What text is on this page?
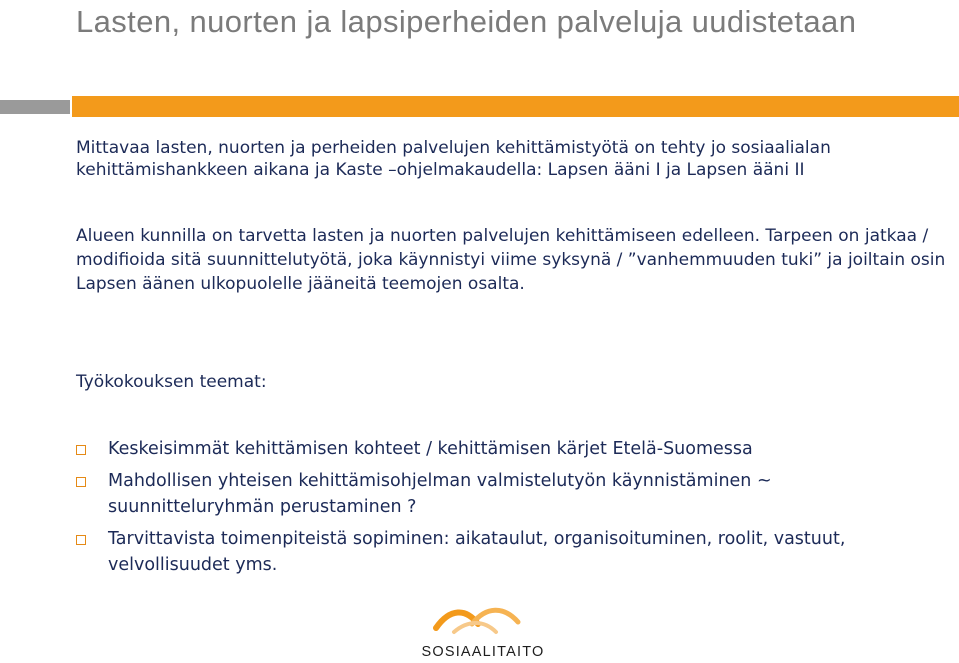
Lasten, nuorten ja lapsiperheiden palveluja uudistetaan

Mittavaa lasten, nuorten ja perheiden palvelujen kehittämistyötä on tehty jo sosiaalialan kehittämishankkeen aikana ja Kaste –ohjelmakaudella: Lapsen ääni I ja Lapsen ääni II

Alueen kunnilla on tarvetta lasten ja nuorten palvelujen kehittämiseen edelleen. Tarpeen on jatkaa / modifioida sitä suunnittelutyötä, joka käynnistyi viime syksynä / ”vanhemmuuden tuki” ja joiltain osin Lapsen äänen ulkopuolelle jääneitä teemojen osalta.

Työkokouksen teemat:

Keskeisimmät kehittämisen kohteet / kehittämisen kärjet Etelä-Suomessa
Mahdollisen yhteisen kehittämisohjelman valmistelutyön käynnistäminen ~ suunnitteluryhmän perustaminen ?
Tarvittavista toimenpiteistä sopiminen: aikataulut, organisoituminen, roolit, vastuut, velvollisuudet yms.
SOSIAALITAITO
